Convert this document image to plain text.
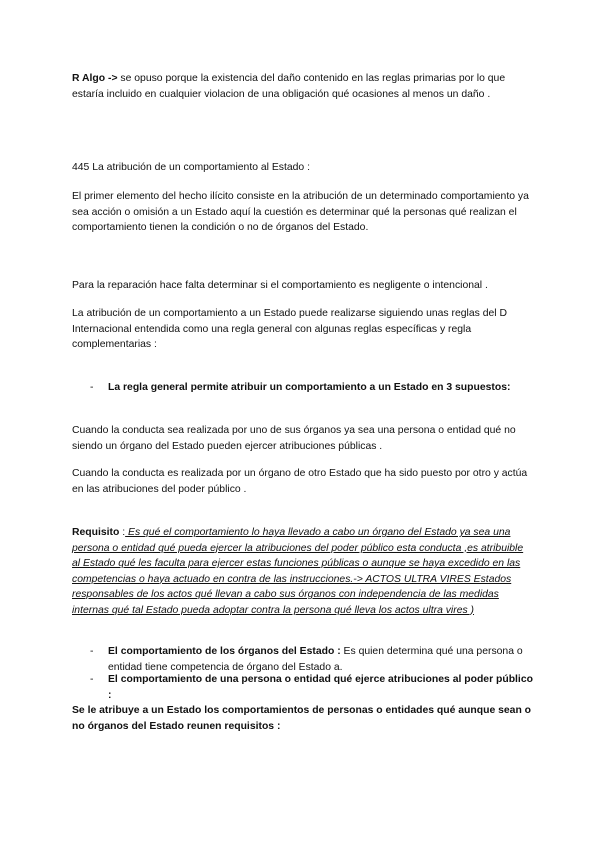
R Algo -> se opuso porque la existencia del daño contenido en las reglas primarias por lo que estaría incluido en cualquier violacion de una obligación qué ocasiones al menos un daño .

445 La atribución de un comportamiento al Estado :

El primer elemento del hecho ilícito consiste en la atribución de un determinado comportamiento ya sea acción o omisión a un Estado aquí la cuestión es determinar qué la personas qué realizan el comportamiento tienen la condición o no de órganos del Estado.

Para la reparación hace falta determinar si el comportamiento es negligente o intencional .

La atribución de un comportamiento a un Estado puede realizarse siguiendo unas reglas del D Internacional entendida como una regla general con algunas reglas específicas y regla complementarias :

- La regla general permite atribuir un comportamiento a un Estado en 3 supuestos:

Cuando la conducta sea realizada por uno de sus órganos ya sea una persona o entidad qué no siendo un órgano del Estado pueden ejercer atribuciones públicas .

Cuando la conducta es realizada por un órgano de otro Estado que ha sido puesto por otro y actúa en las atribuciones del poder público .

Requisito : Es qué el comportamiento lo haya llevado a cabo un órgano del Estado ya sea una persona o entidad qué pueda ejercer la atribuciones del poder público esta conducta ,es atribuible al Estado qué les faculta para ejercer estas funciones públicas o aunque se haya excedido en las competencias o haya actuado en contra de las instrucciones.-> ACTOS ULTRA VIRES Estados responsables de los actos qué llevan a cabo sus órganos con independencia de las medidas internas qué tal Estado pueda adoptar contra la persona qué lleva los actos ultra vires )

- El comportamiento de los órganos del Estado : Es quien determina qué una persona o entidad tiene competencia de órgano del Estado a.
- El comportamiento de una persona o entidad qué ejerce atribuciones al poder público :

Se le atribuye a un Estado los comportamientos de personas o entidades qué aunque sean o no órganos del Estado reunen requisitos :
